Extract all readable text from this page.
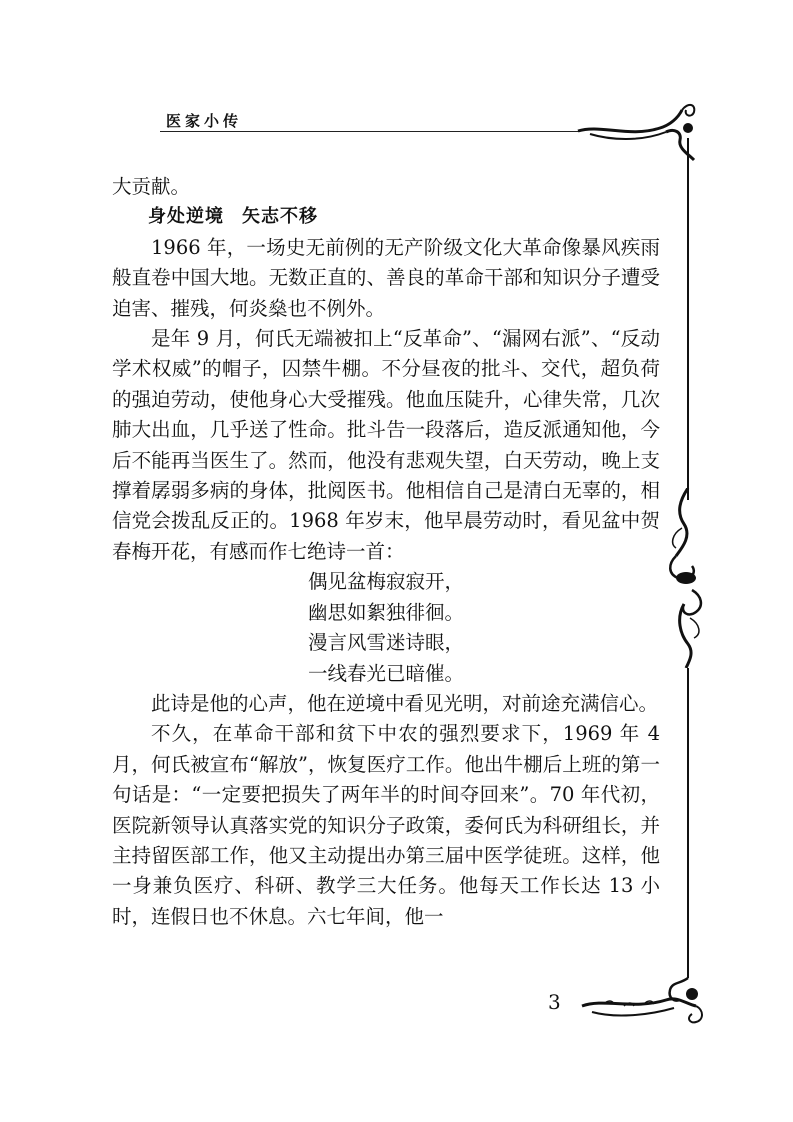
医家小传

大贡献。

身处逆境 矢志不移

1966 年，一场史无前例的无产阶级文化大革命像暴风疾雨般直卷中国大地。无数正直的、善良的革命干部和知识分子遭受迫害、摧残，何炎燊也不例外。

是年 9 月，何氏无端被扣上“反革命”、“漏网右派”、“反动学术权威”的帽子，囚禁牛棚。不分昼夜的批斗、交代，超负荷的强迫劳动，使他身心大受摧残。他血压陡升，心律失常，几次肺大出血，几乎送了性命。批斗告一段落后，造反派通知他，今后不能再当医生了。然而，他没有悲观失望，白天劳动，晚上支撑着孱弱多病的身体，批阅医书。他相信自己是清白无辜的，相信党会拨乱反正的。1968 年岁末，他早晨劳动时，看见盆中贺春梅开花，有感而作七绝诗一首：

偶见盆梅寂寂开，
幽思如絮独徘徊。
漫言风雪迷诗眼，
一线春光已暗催。

此诗是他的心声，他在逆境中看见光明，对前途充满信心。

不久，在革命干部和贫下中农的强烈要求下，1969 年 4 月，何氏被宣布“解放”，恢复医疗工作。他出牛棚后上班的第一句话是：“一定要把损失了两年半的时间夺回来”。70 年代初，医院新领导认真落实党的知识分子政策，委何氏为科研组长，并主持留医部工作，他又主动提出办第三届中医学徒班。这样，他一身兼负医疗、科研、教学三大任务。他每天工作长达 13 小时，连假日也不休息。六七年间，他一

3
